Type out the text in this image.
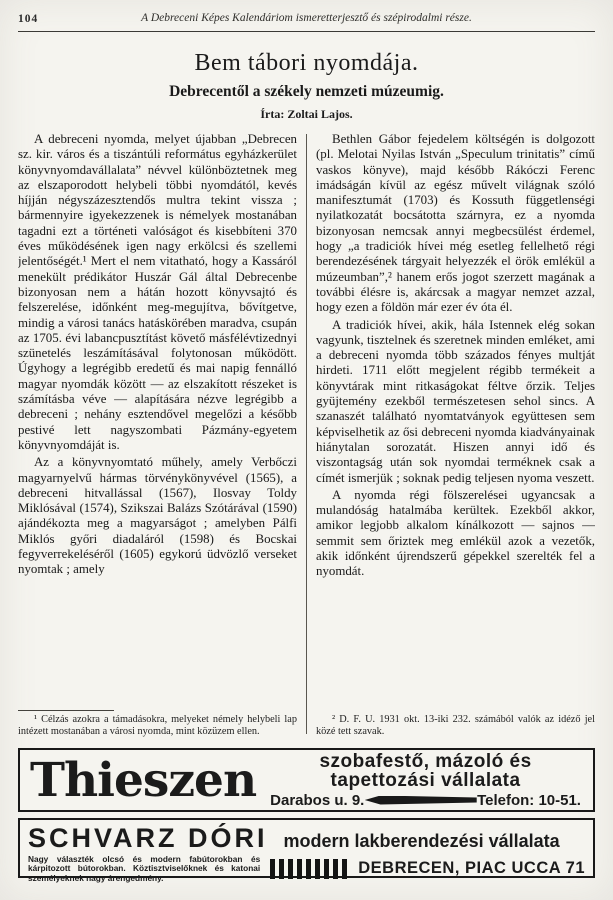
104	A Debreceni Képes Kalendáriom ismeretterjesztő és szépirodalmi része.
Bem tábori nyomdája.
Debrecentől a székely nemzeti múzeumig.
Írta: Zoltai Lajos.

A debreceni nyomda, melyet újabban „Debrecen sz. kir. város és a tiszántúli református egyházkerület könyvnyomdavállalata” névvel különböztetnek meg az elszaporodott helybeli többi nyomdától, kevés híjján négyszázesztendős multra tekint vissza ; bármennyire igyekezzenek is némelyek mostanában tagadni ezt a történeti valóságot és kisebbíteni 370 éves működésének igen nagy erkölcsi és szellemi jelentőségét.¹ Mert el nem vitatható, hogy a Kassáról menekült prédikátor Huszár Gál által Debrecenbe bizonyosan nem a hátán hozott könyvsajtó és felszerelése, időnként meg-megujítva, bővítgetve, mindig a városi tanács hatáskörében maradva, csupán az 1705. évi labancpusztítást követő másfélévtizednyi szünetelés leszámításával folytonosan működött. Úgyhogy a legrégibb eredetű és mai napig fennálló magyar nyomdák között — az elszakított részeket is számításba véve — alapítására nézve legrégibb a debreceni ; nehány esztendővel megelőzi a később pestivé lett nagyszombati Pázmány-egyetem könyvnyomdáját is.

Az a könyvnyomtató műhely, amely Verbőczi magyarnyelvű hármas törvénykönyvével (1565), a debreceni hitvallással (1567), Ilosvay Toldy Miklósával (1574), Szikszai Balázs Szótárával (1590) ajándékozta meg a magyarságot ; amelyben Pálfi Miklós győri diadaláról (1598) és Bocskai fegyverrekeléséről (1605) egykorú üdvözlő verseket nyomtak ; amely

¹ Célzás azokra a támadásokra, melyeket némely helybeli lap intézett mostanában a városi nyomda, mint közüzem ellen.

Bethlen Gábor fejedelem költségén is dolgozott (pl. Melotai Nyilas István „Speculum trinitatis” című vaskos könyve), majd később Rákóczi Ferenc imádságán kívül az egész művelt világnak szóló manifesztumát (1703) és Kossuth függetlenségi nyilatkozatát bocsátotta szárnyra, ez a nyomda bizonyosan nemcsak annyi megbecsülést érdemel, hogy „a tradiciók hívei még esetleg fellelhető régi berendezésének tárgyait helyezzék el örök emlékül a múzeumban”,² hanem erős jogot szerzett magának a további élésre is, akárcsak a magyar nemzet azzal, hogy ezen a földön már ezer év óta él.

A tradiciók hívei, akik, hála Istennek elég sokan vagyunk, tisztelnek és szeretnek minden emléket, ami a debreceni nyomda több százados fényes multját hirdeti. 1711 előtt megjelent régibb termékeit a könyvtárak mint ritkaságokat féltve őrzik. Teljes gyüjtemény ezekből természetesen sehol sincs. A szanaszét található nyomtatványok együttesen sem képviselhetik az ősi debreceni nyomda kiadványainak hiánytalan sorozatát. Hiszen annyi idő és viszontagság után sok nyomdai terméknek csak a címét ismerjük ; soknak pedig teljesen nyoma veszett.

A nyomda régi fölszerelései ugyancsak a mulandóság hatalmába kerültek. Ezekből akkor, amikor legjobb alkalom kínálkozott — sajnos — semmit sem őriztek meg emlékül azok a vezetők, akik időnként újrendszerű gépekkel szerelték fel a nyomdát.

² D. F. U. 1931 okt. 13-iki 232. számából valók az idéző jel közé tett szavak.

Thieszen	szobafestő, mázoló és
tapettozási vállalata
Darabos u. 9.	Telefon: 10-51.
SCHVARZ DÓRI modern lakberendezési vállalata
Nagy választék olcsó és modern fabútorokban és kárpitozott bútorokban. Köztisztviselőknek és katonai személyeknek nagy árengedmény.
DEBRECEN, PIAC UCCA 71
